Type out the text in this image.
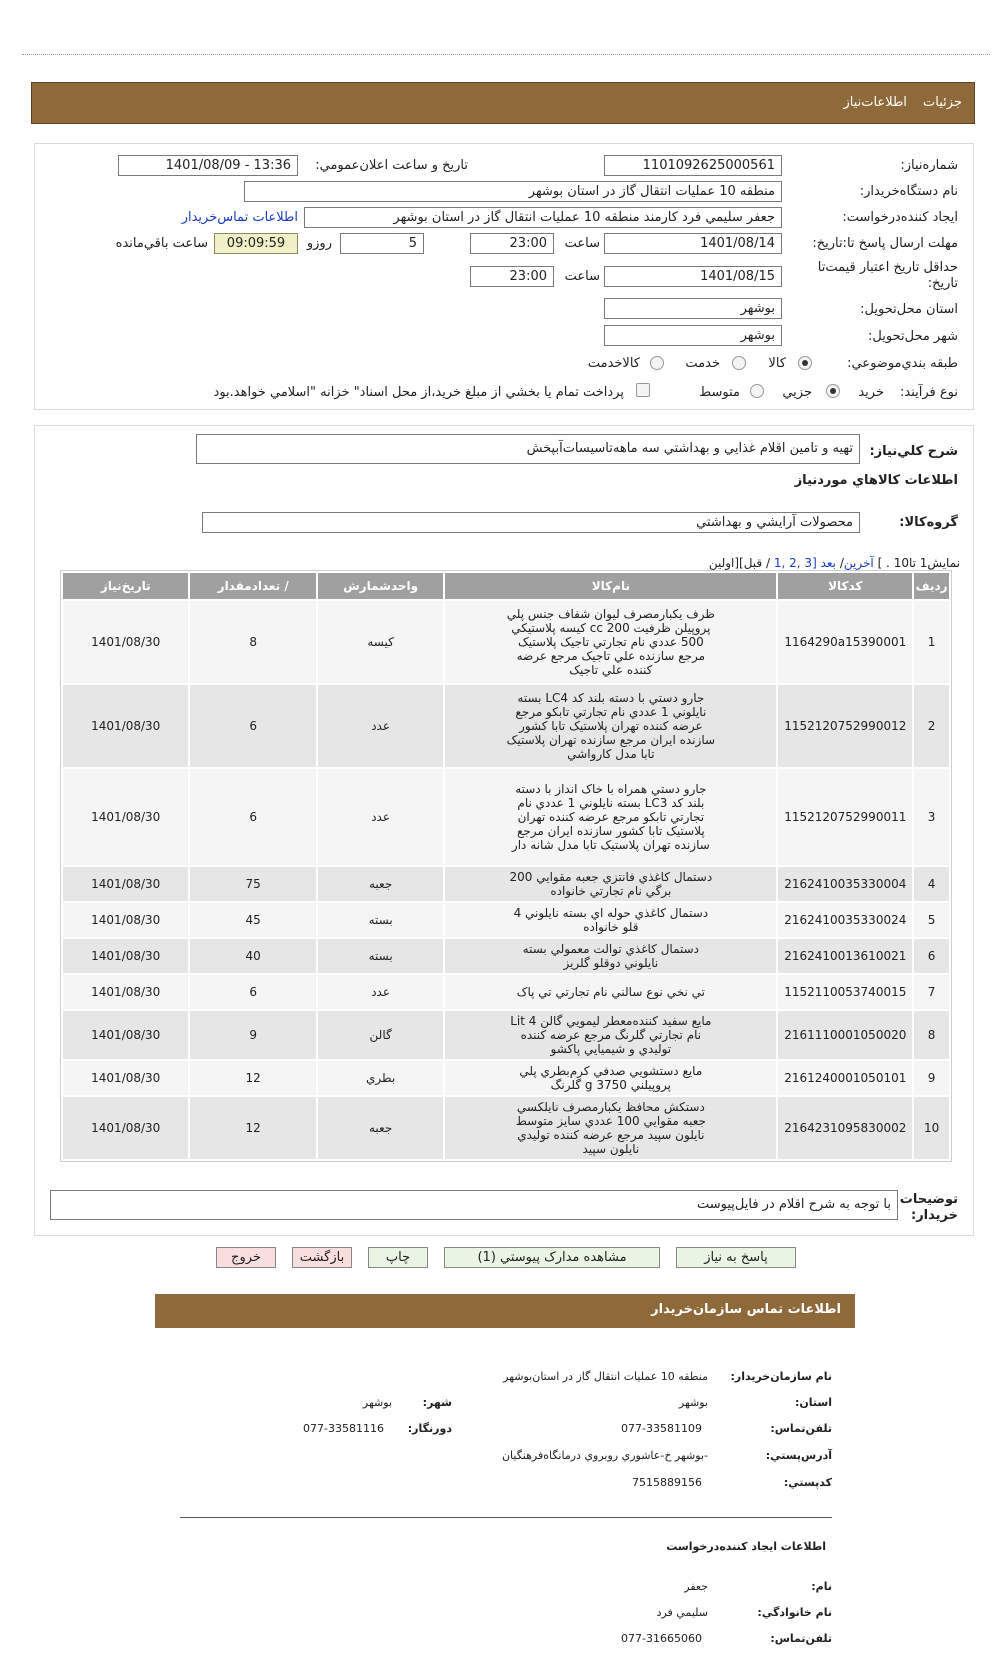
جزئيات اطلاعات‌نياز
شماره‌نياز:
1101092625000561
تاريخ و ساعت اعلان‌عمومي:
1401/08/09 - 13:36
نام دستگاه‌خريدار:
منطقه 10 عمليات انتقال گاز در استان بوشهر
ايجاد کننده‌درخواست:
جعفر سليمي فرد کارمند منطقه 10 عمليات انتقال گاز در استان بوشهر
اطلاعات تماس‌خريدار
مهلت ارسال پاسخ تا:تاريخ:
1401/08/14
ساعت
23:00
5
روزو
09:09:59
ساعت باقي‌مانده
حداقل تاريخ اعتبار قيمت‌تا تاريخ:
1401/08/15
ساعت
23:00
استان محل‌تحويل:
بوشهر
شهر محل‌تحويل:
بوشهر
طبقه بندي‌موضوعي:
کالا
خدمت
کالا‌خدمت
نوع فرآيند:
خريد
جزيي
متوسط
پرداخت تمام يا بخشي از مبلغ خريد،از محل اسناد" خزانه "اسلامي خواهد.بود
شرح کلي‌نياز:
تهيه و تامين اقلام غذايي و بهداشتي سه ماهه‌تاسيسات‌آبپخش
اطلاعات کالاهاي موردنياز
گروه‌کالا:
محصولات آرايشي و بهداشتي
نمايش1 تا10 . ] آخرين/ بعد [3 ,2 ,1 / قبل][اولين
رديف	کدکالا	نام‌کالا	واحدشمارش	/ تعدادمقدار	تاريخ‌نياز
1	1164290a15390001	ظرف يکبارمصرف ليوان شفاف جنس پلي پروپيلن ظرفيت 200 cc کيسه پلاستيکي 500 عددي نام تجارتي تاجيک پلاستيک مرجع سازنده علي تاجيک مرجع عرضه کننده علي تاجيک	کيسه	8	1401/08/30
2	1152120752990012	جارو دستي با دسته بلند کد LC4 بسته نايلوني 1 عددي نام تجارتي تابکو مرجع عرضه کننده تهران پلاستيک تابا کشور سازنده ايران مرجع سازنده تهران پلاستيک تابا مدل کارواشي	عدد	6	1401/08/30
3	1152120752990011	جارو دستي همراه با خاک انداز با دسته بلند کد LC3 بسته نايلوني 1 عددي نام تجارتي تابکو مرجع عرضه کننده تهران پلاستيک تابا کشور سازنده ايران مرجع سازنده تهران پلاستيک تابا مدل شانه دار	عدد	6	1401/08/30
4	2162410035330004	دستمال کاغذي فانتزي جعبه مقوايي 200 برگي نام تجارتي خانواده	جعبه	75	1401/08/30
5	2162410035330024	دستمال کاغذي حوله اي بسته نايلوني 4 قلو خانواده	بسته	45	1401/08/30
6	2162410013610021	دستمال کاغذي توالت معمولي بسته نايلوني دوقلو گلريز	بسته	40	1401/08/30
7	1152110053740015	تي نخي نوع سالني نام تجارتي تي پاک	عدد	6	1401/08/30
8	2161110001050020	مايع سفيد کننده‌معطر ليمويي گالن 4 Lit نام تجارتي گلرنگ مرجع عرضه کننده توليدي و شيميايي پاکشو	گالن	9	1401/08/30
9	2161240001050101	مايع دستشويي صدفي کرم‌بطري پلي پروپيلني 3750 g گلرنگ	بطري	12	1401/08/30
10	2164231095830002	دستکش محافظ يکبارمصرف نايلکسي جعبه مقوايي 100 عددي سايز متوسط نايلون سپيد مرجع عرضه کننده توليدي نايلون سپيد	جعبه	12	1401/08/30
توضيحات خريدار:
با توجه به شرح اقلام در فايل‌پيوست
پاسخ به نياز
مشاهده مدارک پيوستي (1)
چاپ
بازگشت
خروج
اطلاعات تماس سازمان‌خريدار
نام سازمان‌خريدار:
منطقه 10 عمليات انتقال گاز در استان‌بوشهر
استان:
بوشهر
شهر:
بوشهر
تلفن‌تماس:
077-33581109
دورنگار:
077-33581116
آدرس‌پستي:
-بوشهر خ-عاشوري روبروي درمانگاه‌فرهنگيان
کد‌پستي:
7515889156
اطلاعات ايجاد کننده‌درخواست
نام:
جعفر
نام خانوادگي:
سليمي فرد
تلفن‌تماس:
077-31665060
